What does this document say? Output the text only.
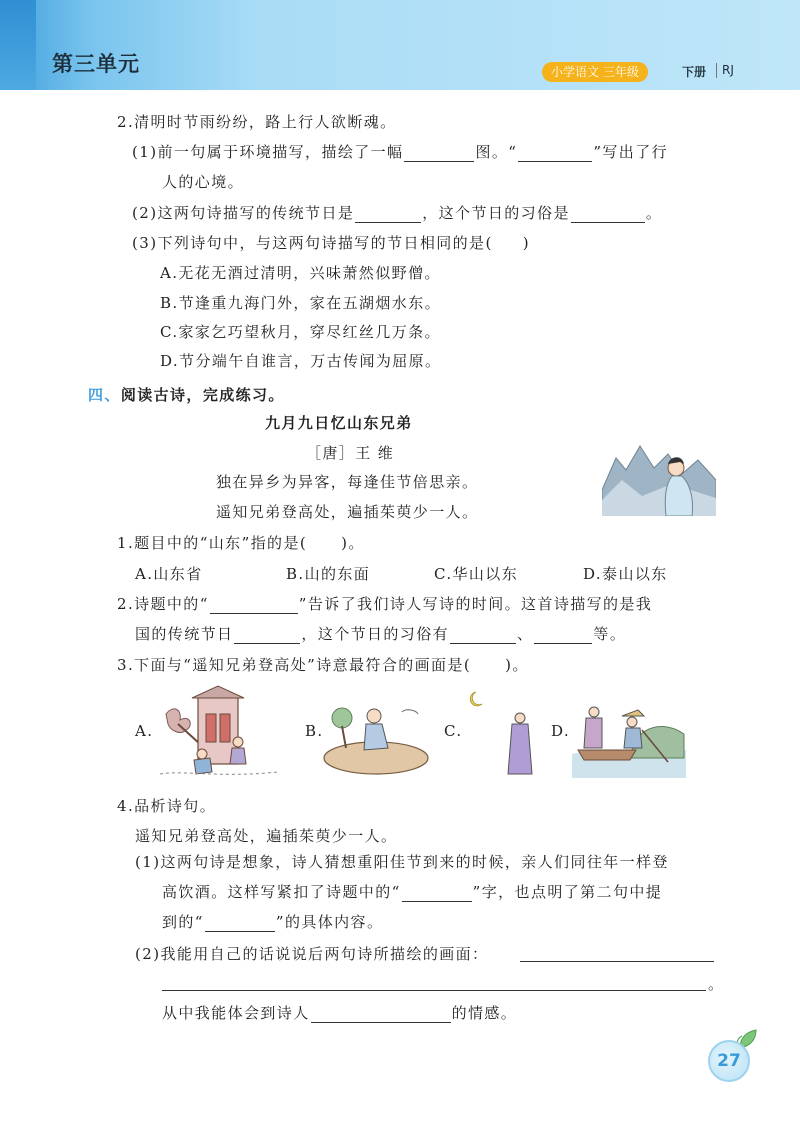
第三单元	小学语文 三年级	下册 RJ
2.清明时节雨纷纷，路上行人欲断魂。
(1)前一句属于环境描写，描绘了一幅	图。“	”写出了行
人的心境。
(2)这两句诗描写的传统节日是	，这个节日的习俗是	。
(3)下列诗句中，与这两句诗描写的节日相同的是( )
A.无花无酒过清明，兴味萧然似野僧。
B.节逢重九海门外，家在五湖烟水东。
C.家家乞巧望秋月，穿尽红丝几万条。
D.节分端午自谁言，万古传闻为屈原。
四、阅读古诗，完成练习。
九月九日忆山东兄弟
［唐］王 维
独在异乡为异客，每逢佳节倍思亲。
遥知兄弟登高处，遍插茱萸少一人。
1.题目中的“山东”指的是( )。
A.山东省	B.山的东面	C.华山以东	D.泰山以东
2.诗题中的“	”告诉了我们诗人写诗的时间。这首诗描写的是我
国的传统节日	，这个节日的习俗有	、	等。
3.下面与“遥知兄弟登高处”诗意最符合的画面是( )。
A.	B.	C.	D.
4.品析诗句。
遥知兄弟登高处，遍插茱萸少一人。
(1)这两句诗是想象，诗人猜想重阳佳节到来的时候，亲人们同往年一样登
高饮酒。这样写紧扣了诗题中的“	”字，也点明了第二句中提
到的“	”的具体内容。
(2)我能用自己的话说说后两句诗所描绘的画面：
。
从中我能体会到诗人	的情感。
27
